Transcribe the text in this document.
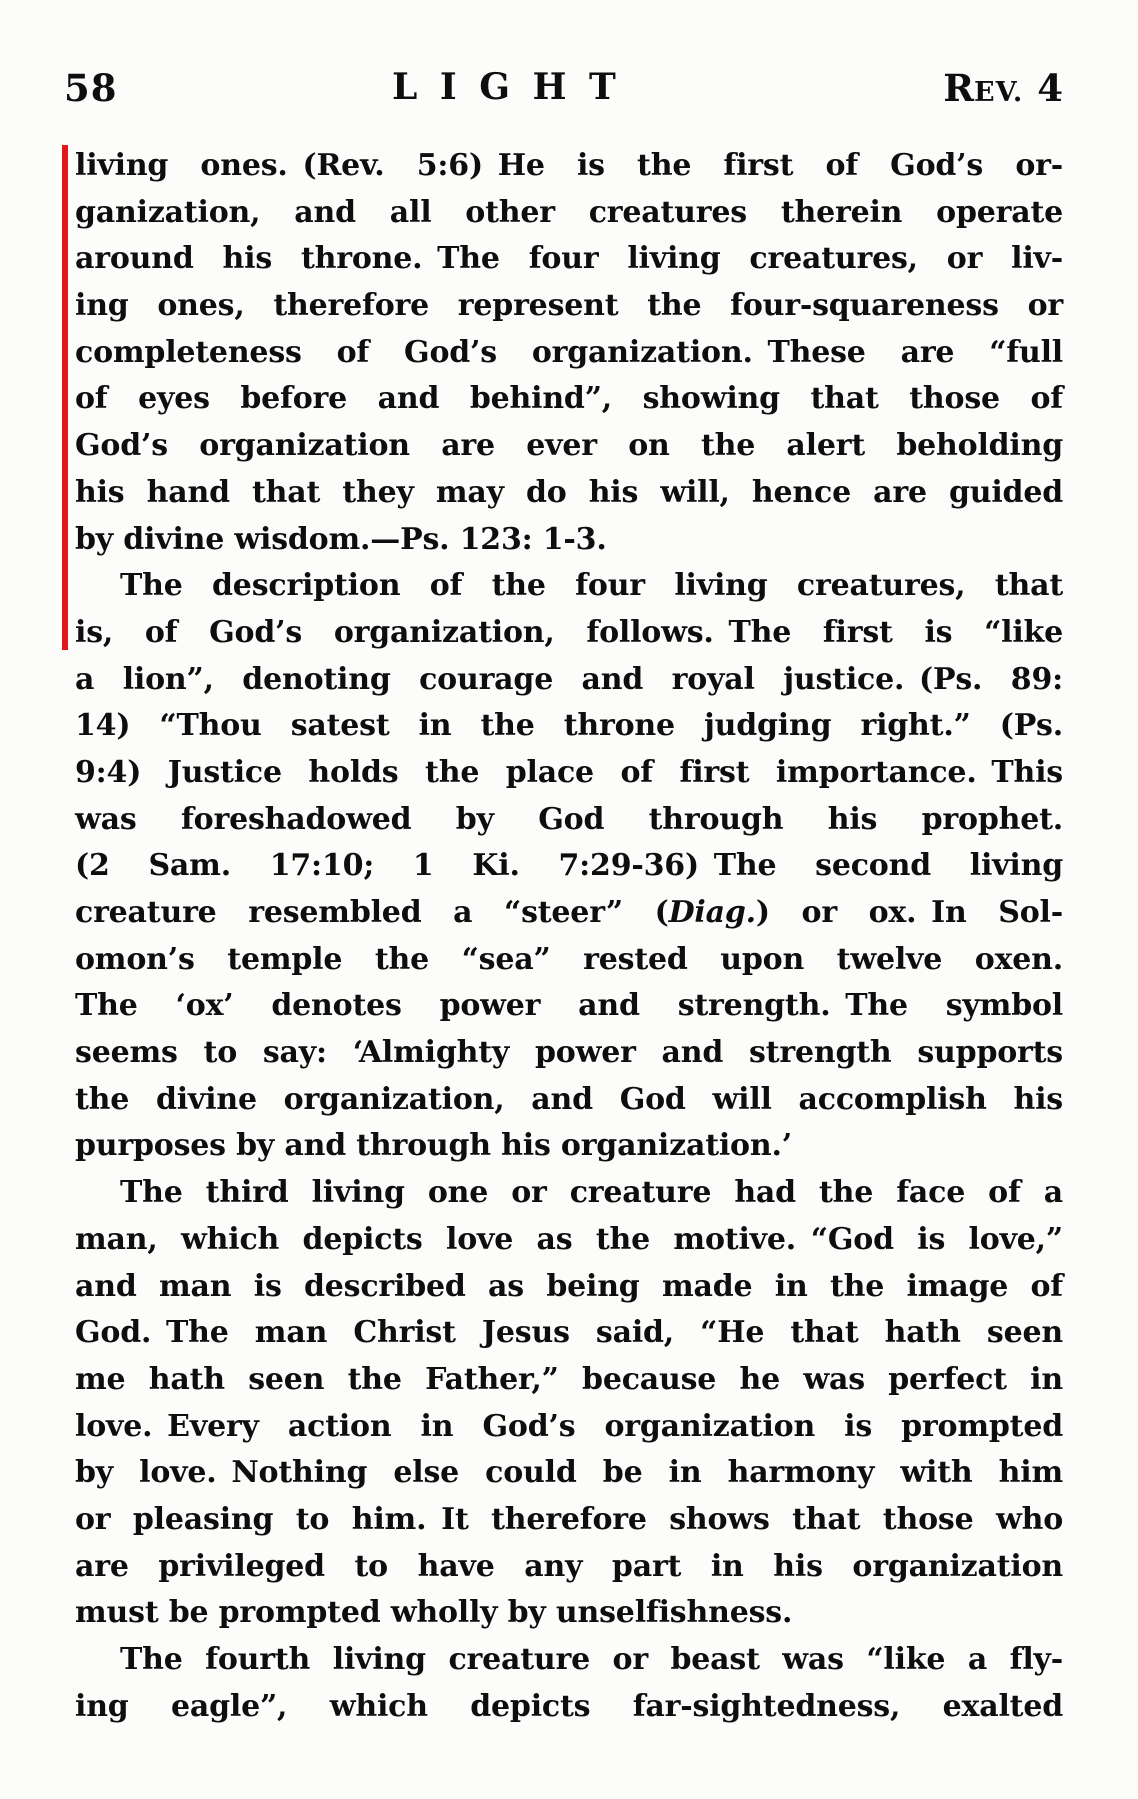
58	L I G H T	REV. 4
living ones. (Rev. 5:6) He is the first of God’s or-
ganization, and all other creatures therein operate
around his throne. The four living creatures, or liv-
ing ones, therefore represent the four-squareness or
completeness of God’s organization. These are “full
of eyes before and behind”, showing that those of
God’s organization are ever on the alert beholding
his hand that they may do his will, hence are guided
by divine wisdom.—Ps. 123: 1-3.
The description of the four living creatures, that
is, of God’s organization, follows. The first is “like
a lion”, denoting courage and royal justice. (Ps. 89:
14) “Thou satest in the throne judging right.” (Ps.
9:4) Justice holds the place of first importance. This
was foreshadowed by God through his prophet.
(2 Sam. 17:10; 1 Ki. 7:29-36) The second living
creature resembled a “steer” (Diag.) or ox. In Sol-
omon’s temple the “sea” rested upon twelve oxen.
The ‘ox’ denotes power and strength. The symbol
seems to say: ‘Almighty power and strength supports
the divine organization, and God will accomplish his
purposes by and through his organization.’
The third living one or creature had the face of a
man, which depicts love as the motive. “God is love,”
and man is described as being made in the image of
God. The man Christ Jesus said, “He that hath seen
me hath seen the Father,” because he was perfect in
love. Every action in God’s organization is prompted
by love. Nothing else could be in harmony with him
or pleasing to him. It therefore shows that those who
are privileged to have any part in his organization
must be prompted wholly by unselfishness.
The fourth living creature or beast was “like a fly-
ing eagle”, which depicts far-sightedness, exalted
